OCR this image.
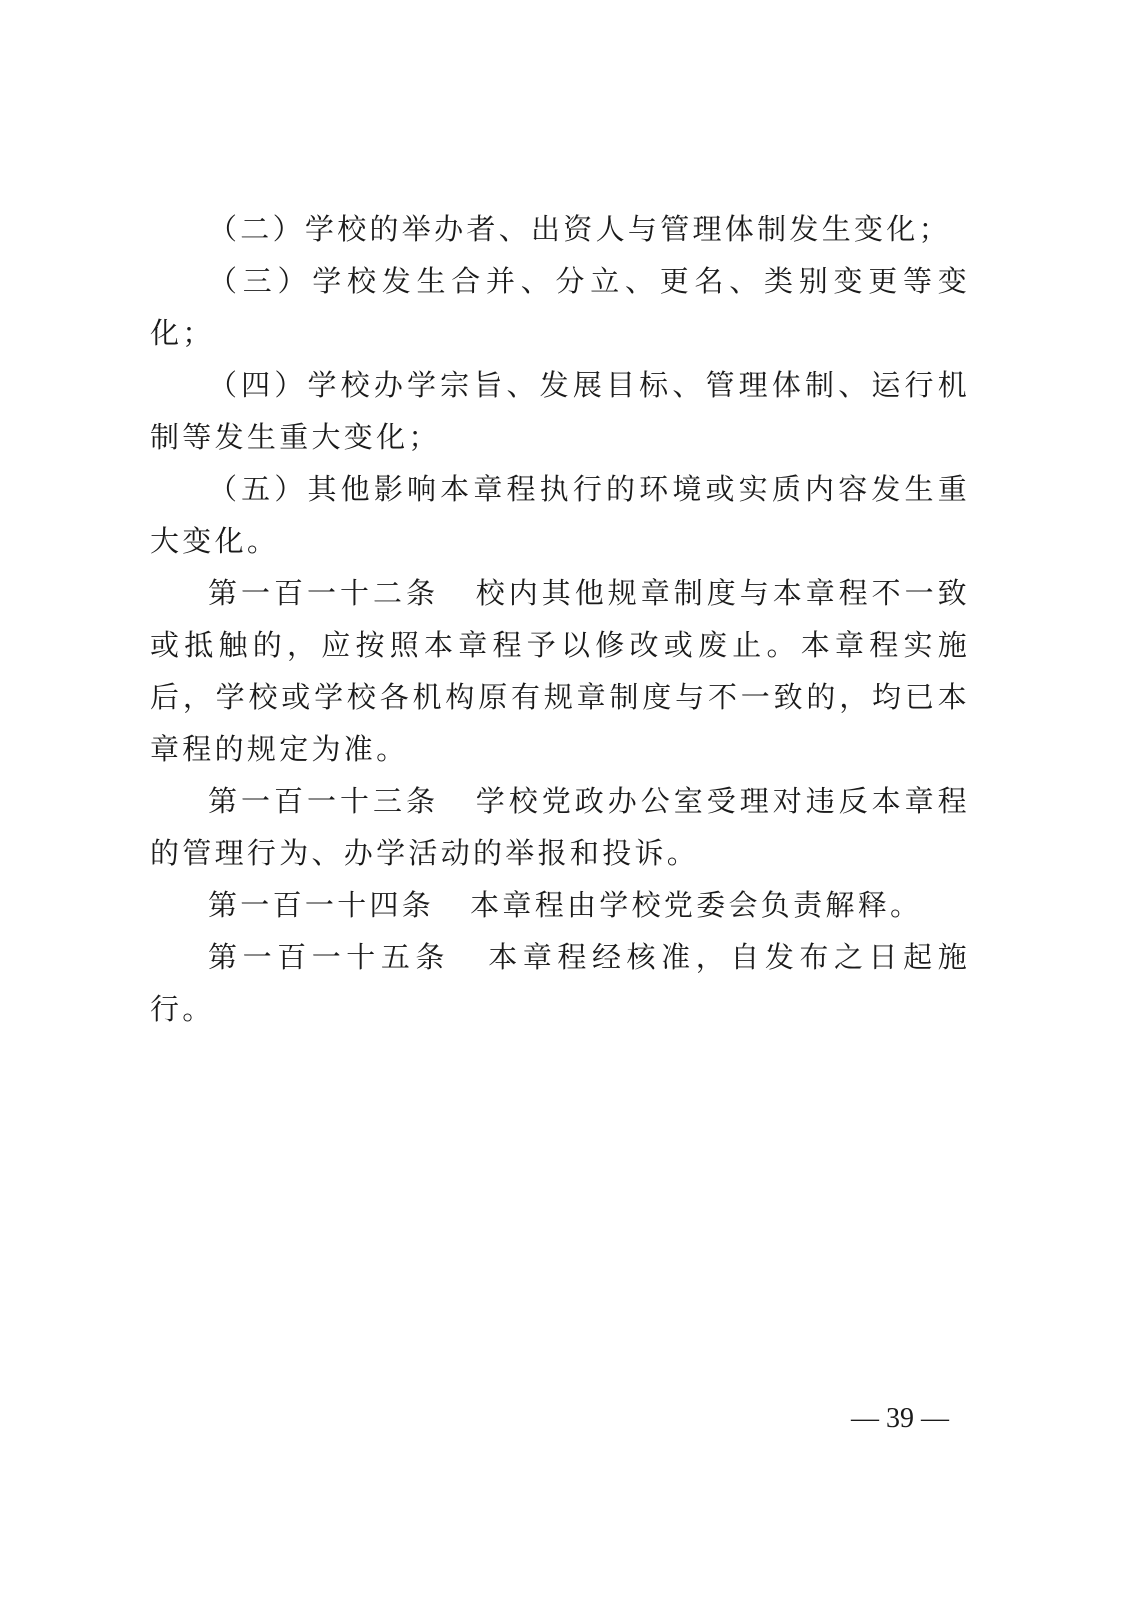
（二）学校的举办者、出资人与管理体制发生变化；

（三）学校发生合并、分立、更名、类别变更等变化；

（四）学校办学宗旨、发展目标、管理体制、运行机制等发生重大变化；

（五）其他影响本章程执行的环境或实质内容发生重大变化。

第一百一十二条 校内其他规章制度与本章程不一致或抵触的，应按照本章程予以修改或废止。本章程实施后，学校或学校各机构原有规章制度与不一致的，均已本章程的规定为准。

第一百一十三条 学校党政办公室受理对违反本章程的管理行为、办学活动的举报和投诉。

第一百一十四条 本章程由学校党委会负责解释。

第一百一十五条 本章程经核准，自发布之日起施行。

— 39 —
